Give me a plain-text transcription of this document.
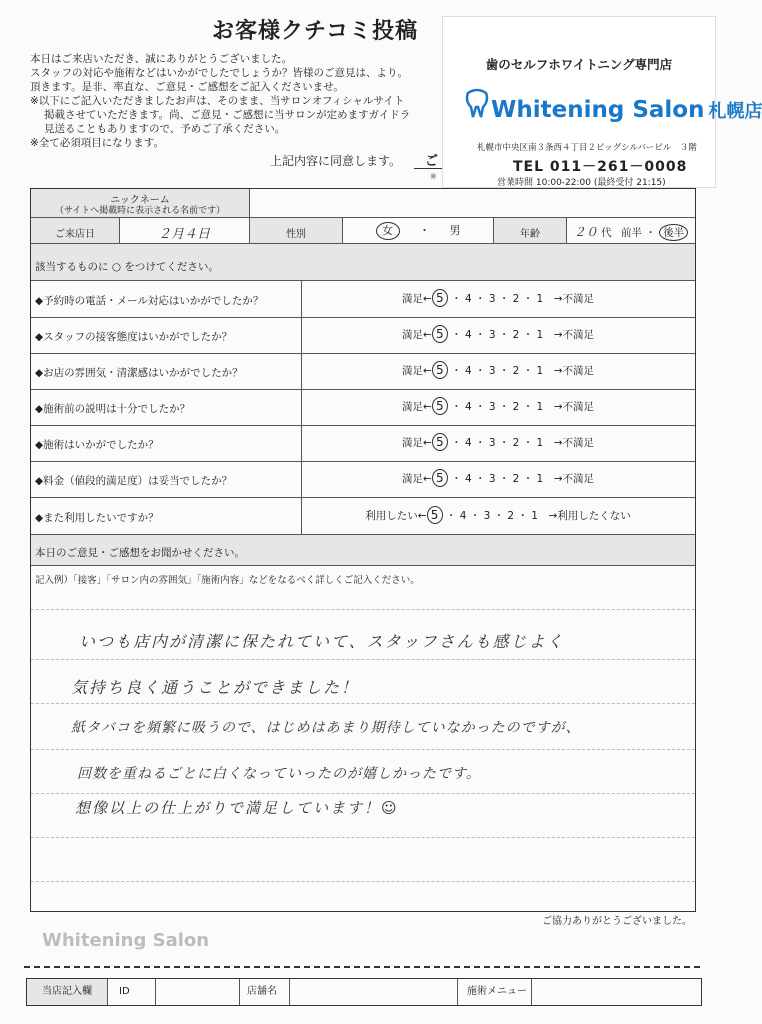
お客様クチコミ投稿
本日はご来店いただき、誠にありがとうございました。
スタッフの対応や施術などはいかがでしたでしょうか？皆様のご意見は、より。
頂きます。是非、率直な、ご意見・ご感想をご記入くださいませ。
※以下にご記入いただきましたお声は、そのまま、当サロンオフィシャルサイト
掲載させていただきます。尚、ご意見・ご感想に当サロンが定めますガイドラ
見送ることもありますので、予めご了承ください。
※全て必須項目になります。
上記内容に同意します。 ご
※
歯のセルフホワイトニング専門店
Whitening Salon 札幌店
札幌市中央区南３条西４丁目２ビッグシルバービル　３階
TEL 011－261－0008
営業時間 10:00-22:00 (最終受付 21:15)
ニックネーム
（サイトへ掲載時に表示される名前です）
ご来店日	２月４日	性別	女 ・ 男	年齢	２０ 代 前半 ・ 後半
該当するものに ○ をつけてください。
◆予約時の電話・メール対応はいかがでしたか？	満足← 5 ・ 4 ・ 3 ・ 2 ・ 1　 →不満足
◆スタッフの接客態度はいかがでしたか？	満足← 5 ・ 4 ・ 3 ・ 2 ・ 1　 →不満足
◆お店の雰囲気・清潔感はいかがでしたか？	満足← 5 ・ 4 ・ 3 ・ 2 ・ 1　 →不満足
◆施術前の説明は十分でしたか？	満足← 5 ・ 4 ・ 3 ・ 2 ・ 1　 →不満足
◆施術はいかがでしたか？	満足← 5 ・ 4 ・ 3 ・ 2 ・ 1　 →不満足
◆料金（値段的満足度）は妥当でしたか？	満足← 5 ・ 4 ・ 3 ・ 2 ・ 1　 →不満足
◆また利用したいですか？	利用したい← 5 ・ 4 ・ 3 ・ 2 ・ 1　 →利用したくない
本日のご意見・ご感想をお聞かせください。
記入例）「接客」「サロン内の雰囲気」「施術内容」などをなるべく詳しくご記入ください。
いつも店内が清潔に保たれていて、スタッフさんも感じよく
気持ち良く通うことができました！
紙タバコを頻繁に吸うので、はじめはあまり期待していなかったのですが、
回数を重ねるごとに白くなっていったのが嬉しかったです。
想像以上の仕上がりで満足しています！☺
ご協力ありがとうございました。
Whitening Salon
当店記入欄	ID	店舗名	施術メニュー
